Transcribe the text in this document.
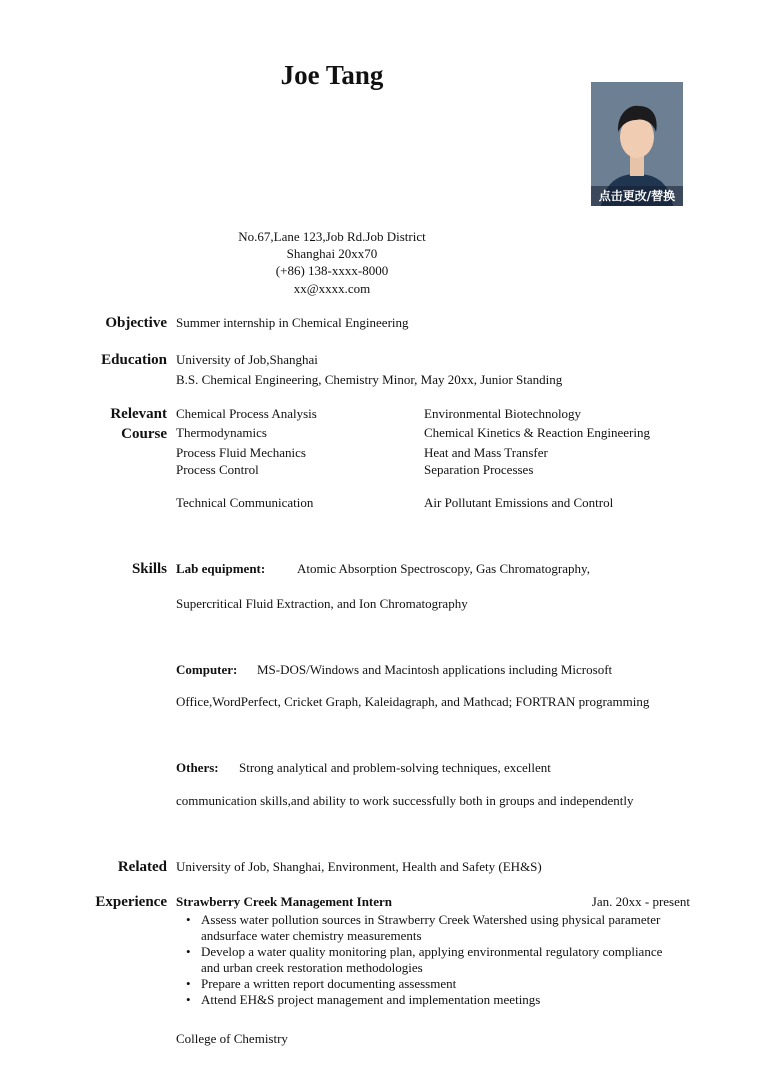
Joe Tang
点击更改/替换
No.67,Lane 123,Job Rd.Job District
Shanghai 20xx70
(+86) 138-xxxx-8000
xx@xxxx.com
Objective Summer internship in Chemical Engineering
Education University of Job,Shanghai
B.S. Chemical Engineering, Chemistry Minor, May 20xx, Junior Standing
Relevant
Course
Chemical Process Analysis
Thermodynamics
Process Fluid Mechanics
Process Control
Technical Communication
Environmental Biotechnology
Chemical Kinetics & Reaction Engineering
Heat and Mass Transfer
Separation Processes
Air Pollutant Emissions and Control
Skills Lab equipment: Atomic Absorption Spectroscopy, Gas Chromatography,
Supercritical Fluid Extraction, and Ion Chromatography
Computer: MS-DOS/Windows and Macintosh applications including Microsoft
Office,WordPerfect, Cricket Graph, Kaleidagraph, and Mathcad; FORTRAN programming
Others: Strong analytical and problem-solving techniques, excellent
communication skills,and ability to work successfully both in groups and independently
Related
Experience
University of Job, Shanghai, Environment, Health and Safety (EH&S)
Strawberry Creek Management Intern	Jan. 20xx - present
• Assess water pollution sources in Strawberry Creek Watershed using physical parameter
andsurface water chemistry measurements
• Develop a water quality monitoring plan, applying environmental regulatory compliance
and urban creek restoration methodologies
• Prepare a written report documenting assessment
• Attend EH&S project management and implementation meetings
College of Chemistry
